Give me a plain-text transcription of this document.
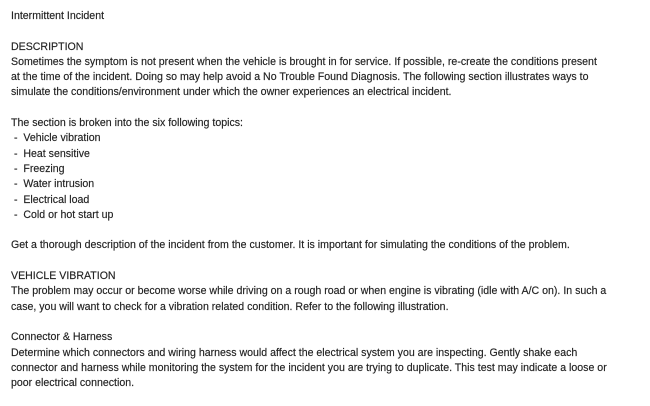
Intermittent Incident
DESCRIPTION
Sometimes the symptom is not present when the vehicle is brought in for service. If possible, re-create the conditions present
at the time of the incident. Doing so may help avoid a No Trouble Found Diagnosis. The following section illustrates ways to
simulate the conditions/environment under which the owner experiences an electrical incident.
The section is broken into the six following topics:
-  Vehicle vibration
-  Heat sensitive
-  Freezing
-  Water intrusion
-  Electrical load
-  Cold or hot start up
Get a thorough description of the incident from the customer. It is important for simulating the conditions of the problem.
VEHICLE VIBRATION
The problem may occur or become worse while driving on a rough road or when engine is vibrating (idle with A/C on). In such a
case, you will want to check for a vibration related condition. Refer to the following illustration.
Connector & Harness
Determine which connectors and wiring harness would affect the electrical system you are inspecting. Gently shake each
connector and harness while monitoring the system for the incident you are trying to duplicate. This test may indicate a loose or
poor electrical connection.
